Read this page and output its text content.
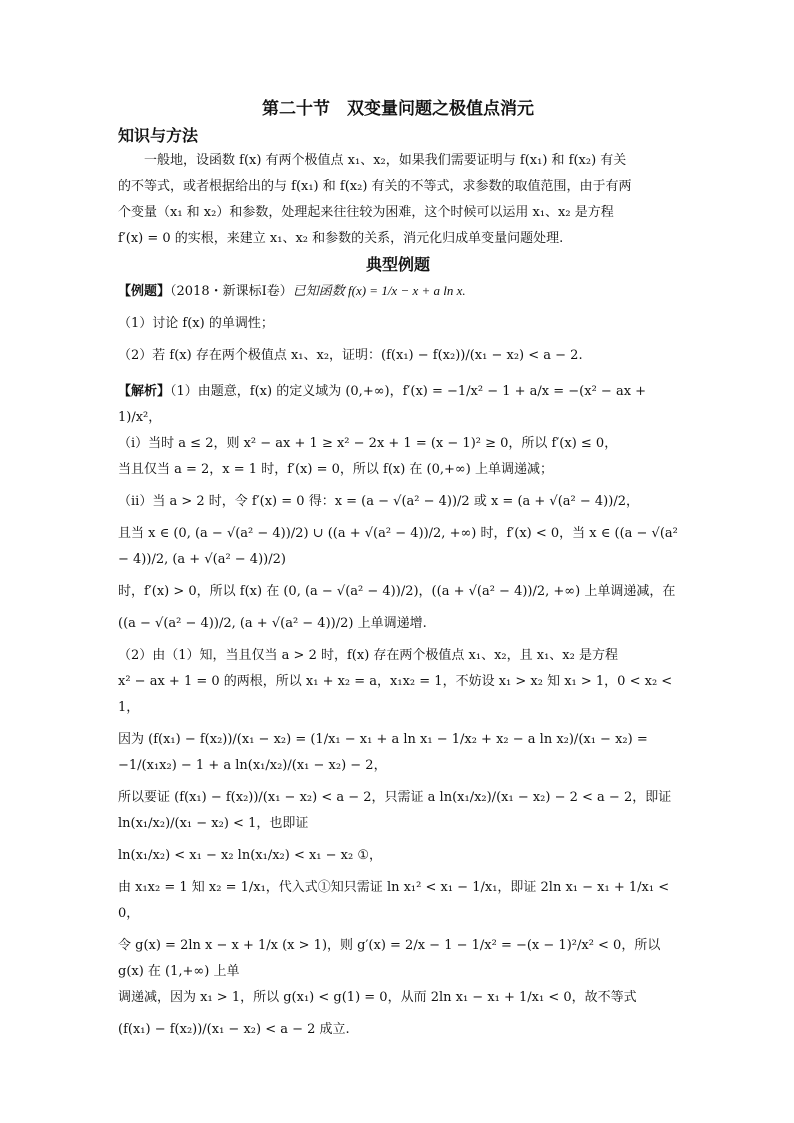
第二十节　双变量问题之极值点消元
知识与方法

一般地，设函数 f(x) 有两个极值点 x₁、x₂，如果我们需要证明与 f(x₁) 和 f(x₂) 有关

的不等式，或者根据给出的与 f(x₁) 和 f(x₂) 有关的不等式，求参数的取值范围，由于有两

个变量（x₁ 和 x₂）和参数，处理起来往往较为困难，这个时候可以运用 x₁、x₂ 是方程

f′(x) = 0 的实根，来建立 x₁、x₂ 和参数的关系，消元化归成单变量问题处理.

典型例题

【例题】（2018・新课标Ⅰ卷）已知函数 f(x) = 1/x − x + a ln x.

（1）讨论 f(x) 的单调性；

（2）若 f(x) 存在两个极值点 x₁、x₂，证明：(f(x₁) − f(x₂))/(x₁ − x₂) < a − 2.

【解析】（1）由题意，f(x) 的定义域为 (0,+∞)，f′(x) = −1/x² − 1 + a/x = −(x² − ax + 1)/x²，

（i）当时 a ≤ 2，则 x² − ax + 1 ≥ x² − 2x + 1 = (x − 1)² ≥ 0，所以 f′(x) ≤ 0，

当且仅当 a = 2，x = 1 时，f′(x) = 0，所以 f(x) 在 (0,+∞) 上单调递减；

（ii）当 a > 2 时，令 f′(x) = 0 得：x = (a − √(a² − 4))/2 或 x = (a + √(a² − 4))/2，

且当 x ∈ (0, (a − √(a² − 4))/2) ∪ ((a + √(a² − 4))/2, +∞) 时，f′(x) < 0，当 x ∈ ((a − √(a² − 4))/2, (a + √(a² − 4))/2)

时，f′(x) > 0，所以 f(x) 在 (0, (a − √(a² − 4))/2)，((a + √(a² − 4))/2, +∞) 上单调递减，在

((a − √(a² − 4))/2, (a + √(a² − 4))/2) 上单调递增.

（2）由（1）知，当且仅当 a > 2 时，f(x) 存在两个极值点 x₁、x₂，且 x₁、x₂ 是方程

x² − ax + 1 = 0 的两根，所以 x₁ + x₂ = a，x₁x₂ = 1，不妨设 x₁ > x₂ 知 x₁ > 1，0 < x₂ < 1，

因为 (f(x₁) − f(x₂))/(x₁ − x₂) = (1/x₁ − x₁ + a ln x₁ − 1/x₂ + x₂ − a ln x₂)/(x₁ − x₂) = −1/(x₁x₂) − 1 + a ln(x₁/x₂)/(x₁ − x₂) − 2，

所以要证 (f(x₁) − f(x₂))/(x₁ − x₂) < a − 2，只需证 a ln(x₁/x₂)/(x₁ − x₂) − 2 < a − 2，即证 ln(x₁/x₂)/(x₁ − x₂) < 1，也即证

ln(x₁/x₂) < x₁ − x₂ ln(x₁/x₂) < x₁ − x₂ ①，

由 x₁x₂ = 1 知 x₂ = 1/x₁，代入式①知只需证 ln x₁² < x₁ − 1/x₁，即证 2ln x₁ − x₁ + 1/x₁ < 0，

令 g(x) = 2ln x − x + 1/x (x > 1)，则 g′(x) = 2/x − 1 − 1/x² = −(x − 1)²/x² < 0，所以 g(x) 在 (1,+∞) 上单

调递减，因为 x₁ > 1，所以 g(x₁) < g(1) = 0，从而 2ln x₁ − x₁ + 1/x₁ < 0，故不等式

(f(x₁) − f(x₂))/(x₁ − x₂) < a − 2 成立.
